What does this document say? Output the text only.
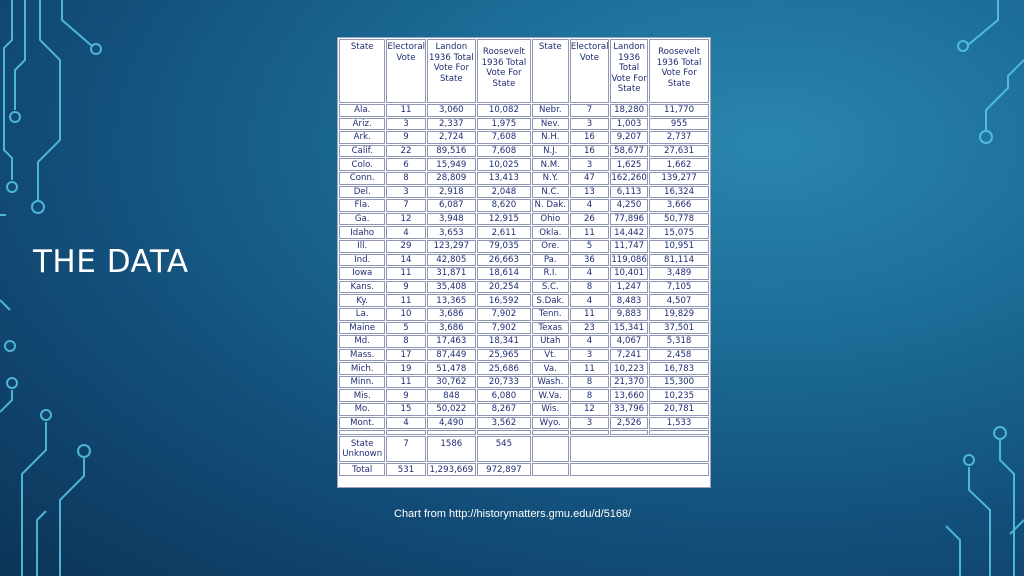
THE DATA
State	Electoral Vote	Landon 1936 Total Vote For State	Roosevelt 1936 Total Vote For State	State	Electoral Vote	Landon 1936 Total Vote For State	Roosevelt 1936 Total Vote For State
Ala.	11	3,060	10,082	Nebr.	7	18,280	11,770
Ariz.	3	2,337	1,975	Nev.	3	1,003	955
Ark.	9	2,724	7,608	N.H.	16	9,207	2,737
Calif.	22	89,516	7,608	N.J.	16	58,677	27,631
Colo.	6	15,949	10,025	N.M.	3	1,625	1,662
Conn.	8	28,809	13,413	N.Y.	47	162,260	139,277
Del.	3	2,918	2,048	N.C.	13	6,113	16,324
Fla.	7	6,087	8,620	N. Dak.	4	4,250	3,666
Ga.	12	3,948	12,915	Ohio	26	77,896	50,778
Idaho	4	3,653	2,611	Okla.	11	14,442	15,075
Ill.	29	123,297	79,035	Ore.	5	11,747	10,951
Ind.	14	42,805	26,663	Pa.	36	119,086	81,114
Iowa	11	31,871	18,614	R.I.	4	10,401	3,489
Kans.	9	35,408	20,254	S.C.	8	1,247	7,105
Ky.	11	13,365	16,592	S.Dak.	4	8,483	4,507
La.	10	3,686	7,902	Tenn.	11	9,883	19,829
Maine	5	3,686	7,902	Texas	23	15,341	37,501
Md.	8	17,463	18,341	Utah	4	4,067	5,318
Mass.	17	87,449	25,965	Vt.	3	7,241	2,458
Mich.	19	51,478	25,686	Va.	11	10,223	16,783
Minn.	11	30,762	20,733	Wash.	8	21,370	15,300
Mis.	9	848	6,080	W.Va.	8	13,660	10,235
Mo.	15	50,022	8,267	Wis.	12	33,796	20,781
Mont.	4	4,490	3,562	Wyo.	3	2,526	1,533

State Unknown	7	1586	545				
Total	531	1,293,669	972,897				
Chart from http://historymatters.gmu.edu/d/5168/
